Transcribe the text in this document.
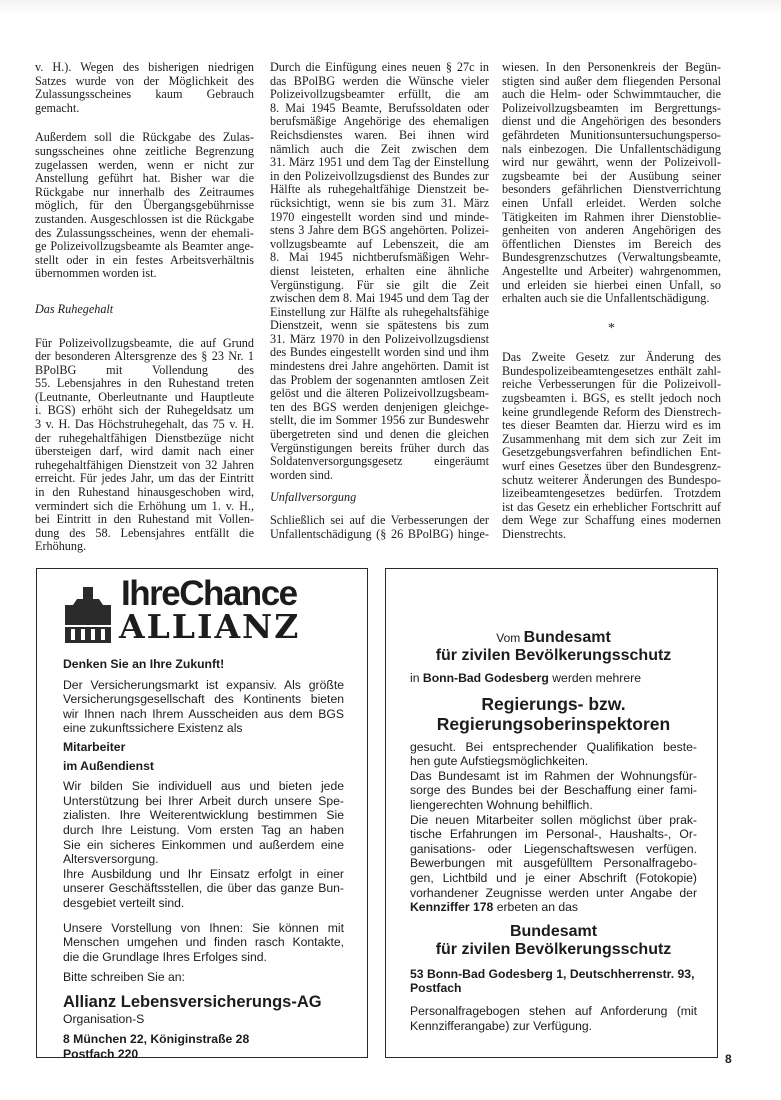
v. H.). Wegen des bisherigen niedrigen
Satzes wurde von der Möglichkeit des
Zulassungsscheines kaum Gebrauch
gemacht.
Außerdem soll die Rückgabe des Zulas-
sungsscheines ohne zeitliche Begrenzung
zugelassen werden, wenn er nicht zur
Anstellung geführt hat. Bisher war die
Rückgabe nur innerhalb des Zeitraumes
möglich, für den Übergangsgebührnisse
zustanden. Ausgeschlossen ist die Rückgabe
des Zulassungsscheines, wenn der ehemali-
ge Polizeivollzugsbeamte als Beamter ange-
stellt oder in ein festes Arbeitsverhältnis
übernommen worden ist.
Das Ruhegehalt
Für Polizeivollzugsbeamte, die auf Grund
der besonderen Altersgrenze des § 23 Nr. 1
BPolBG mit Vollendung des
55. Lebensjahres in den Ruhestand treten
(Leutnante, Oberleutnante und Hauptleute
i. BGS) erhöht sich der Ruhegeldsatz um
3 v. H. Das Höchstruhegehalt, das 75 v. H.
der ruhegehaltfähigen Dienstbezüge nicht
übersteigen darf, wird damit nach einer
ruhegehaltfähigen Dienstzeit von 32 Jahren
erreicht. Für jedes Jahr, um das der Eintritt
in den Ruhestand hinausgeschoben wird,
vermindert sich die Erhöhung um 1. v. H.,
bei Eintritt in den Ruhestand mit Vollen-
dung des 58. Lebensjahres entfällt die
Erhöhung.
Durch die Einfügung eines neuen § 27c in
das BPolBG werden die Wünsche vieler
Polizeivollzugsbeamter erfüllt, die am
8. Mai 1945 Beamte, Berufssoldaten oder
berufsmäßige Angehörige des ehemaligen
Reichsdienstes waren. Bei ihnen wird
nämlich auch die Zeit zwischen dem
31. März 1951 und dem Tag der Einstellung
in den Polizeivollzugsdienst des Bundes zur
Hälfte als ruhegehaltfähige Dienstzeit be-
rücksichtigt, wenn sie bis zum 31. März
1970 eingestellt worden sind und minde-
stens 3 Jahre dem BGS angehörten. Polizei-
vollzugsbeamte auf Lebenszeit, die am
8. Mai 1945 nichtberufsmäßigen Wehr-
dienst leisteten, erhalten eine ähnliche
Vergünstigung. Für sie gilt die Zeit
zwischen dem 8. Mai 1945 und dem Tag der
Einstellung zur Hälfte als ruhegehaltsfähige
Dienstzeit, wenn sie spätestens bis zum
31. März 1970 in den Polizeivollzugsdienst
des Bundes eingestellt worden sind und ihm
mindestens drei Jahre angehörten. Damit ist
das Problem der sogenannten amtlosen Zeit
gelöst und die älteren Polizeivollzugsbeam-
ten des BGS werden denjenigen gleichge-
stellt, die im Sommer 1956 zur Bundeswehr
übergetreten sind und denen die gleichen
Vergünstigungen bereits früher durch das
Soldatenversorgungsgesetz eingeräumt
worden sind.
Unfallversorgung
Schließlich sei auf die Verbesserungen der
Unfallentschädigung (§ 26 BPolBG) hinge-
wiesen. In den Personenkreis der Begün-
stigten sind außer dem fliegenden Personal
auch die Helm- oder Schwimmtaucher, die
Polizeivollzugsbeamten im Bergrettungs-
dienst und die Angehörigen des besonders
gefährdeten Munitionsuntersuchungsperso-
nals einbezogen. Die Unfallentschädigung
wird nur gewährt, wenn der Polizeivoll-
zugsbeamte bei der Ausübung seiner
besonders gefährlichen Dienstverrichtung
einen Unfall erleidet. Werden solche
Tätigkeiten im Rahmen ihrer Dienstoblie-
genheiten von anderen Angehörigen des
öffentlichen Dienstes im Bereich des
Bundesgrenzschutzes (Verwaltungsbeamte,
Angestellte und Arbeiter) wahrgenommen,
und erleiden sie hierbei einen Unfall, so
erhalten auch sie die Unfallentschädigung.
*
Das Zweite Gesetz zur Änderung des
Bundespolizeibeamtengesetzes enthält zahl-
reiche Verbesserungen für die Polizeivoll-
zugsbeamten i. BGS, es stellt jedoch noch
keine grundlegende Reform des Dienstrech-
tes dieser Beamten dar. Hierzu wird es im
Zusammenhang mit dem sich zur Zeit im
Gesetzgebungsverfahren befindlichen Ent-
wurf eines Gesetzes über den Bundesgrenz-
schutz weiterer Änderungen des Bundespo-
lizeibeamtengesetzes bedürfen. Trotzdem
ist das Gesetz ein erheblicher Fortschritt auf
dem Wege zur Schaffung eines modernen
Dienstrechts.
IhreChance
ALLIANZ
Denken Sie an Ihre Zukunft!
Der Versicherungsmarkt ist expansiv. Als größte
Versicherungsgesellschaft des Kontinents bieten
wir Ihnen nach Ihrem Ausscheiden aus dem BGS
eine zukunftssichere Existenz als
Mitarbeiter
im Außendienst
Wir bilden Sie individuell aus und bieten jede
Unterstützung bei Ihrer Arbeit durch unsere Spe-
zialisten. Ihre Weiterentwicklung bestimmen Sie
durch Ihre Leistung. Vom ersten Tag an haben
Sie ein sicheres Einkommen und außerdem eine
Altersversorgung.
Ihre Ausbildung und Ihr Einsatz erfolgt in einer
unserer Geschäftsstellen, die über das ganze Bun-
desgebiet verteilt sind.
Unsere Vorstellung von Ihnen: Sie können mit
Menschen umgehen und finden rasch Kontakte,
die die Grundlage Ihres Erfolges sind.
Bitte schreiben Sie an:
Allianz Lebensversicherungs-AG
Organisation-S
8 München 22, Königinstraße 28
Postfach 220
Vom Bundesamt
für zivilen Bevölkerungsschutz
in Bonn-Bad Godesberg werden mehrere
Regierungs- bzw.
Regierungsoberinspektoren
gesucht. Bei entsprechender Qualifikation beste-
hen gute Aufstiegsmöglichkeiten.
Das Bundesamt ist im Rahmen der Wohnungsfür-
sorge des Bundes bei der Beschaffung einer fami-
liengerechten Wohnung behilflich.
Die neuen Mitarbeiter sollen möglichst über prak-
tische Erfahrungen im Personal-, Haushalts-, Or-
ganisations- oder Liegenschaftswesen verfügen.
Bewerbungen mit ausgefülltem Personalfragebo-
gen, Lichtbild und je einer Abschrift (Fotokopie)
vorhandener Zeugnisse werden unter Angabe der
Kennziffer 178 erbeten an das
Bundesamt
für zivilen Bevölkerungsschutz
53 Bonn-Bad Godesberg 1, Deutschherrenstr. 93,
Postfach
Personalfragebogen stehen auf Anforderung (mit
Kennzifferangabe) zur Verfügung.
8
